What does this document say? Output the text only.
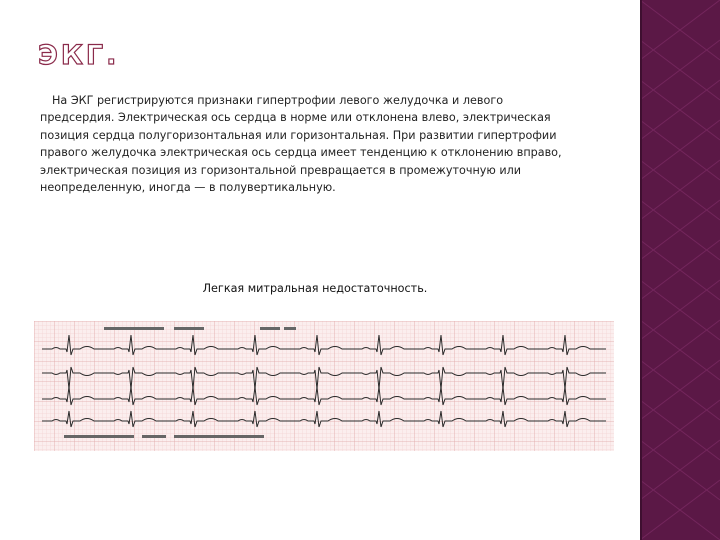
ЭКГ.
На ЭКГ регистрируются признаки гипертрофии левого желудочка и левого предсердия. Электрическая ось сердца в норме или отклонена влево, электрическая позиция сердца полугоризонтальная или горизонтальная. При развитии гипертрофии правого желудочка электрическая ось сердца имеет тенденцию к отклонению вправо, электрическая позиция из горизонтальной превращается в промежуточную или неопределенную, иногда — в полувертикальную.
Легкая митральная недостаточность.
